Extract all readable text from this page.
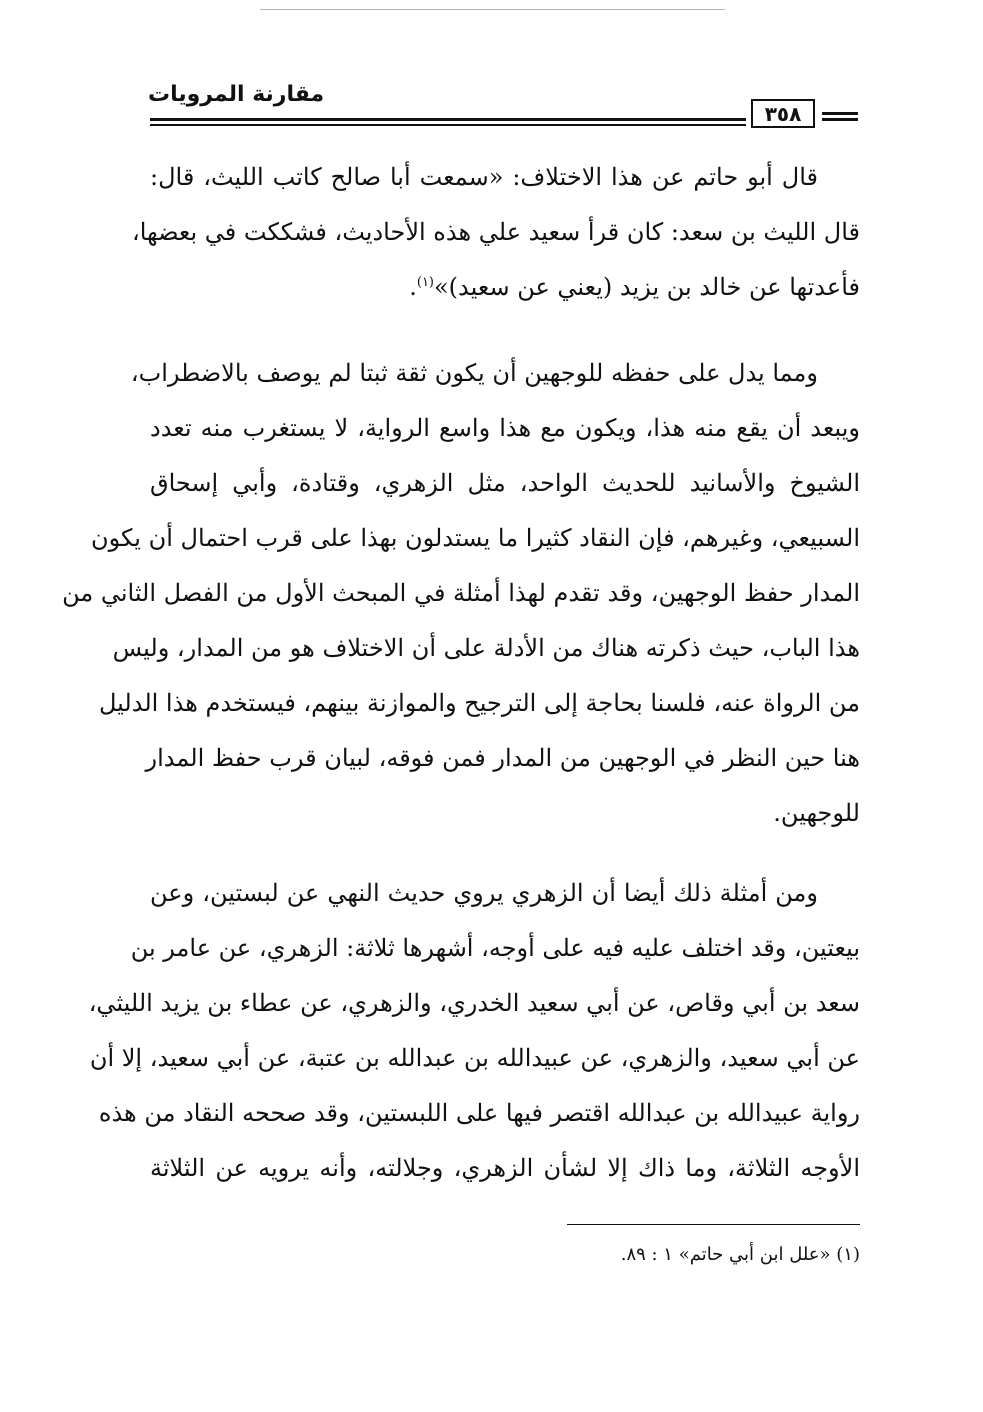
مقارنة المرويات
٣٥٨
قال أبو حاتم عن هذا الاختلاف: «سمعت أبا صالح كاتب الليث، قال:
قال الليث بن سعد: كان قرأ سعيد علي هذه الأحاديث، فشككت في بعضها،
فأعدتها عن خالد بن يزيد (يعني عن سعيد)»$^{(١)}$.
ومما يدل على حفظه للوجهين أن يكون ثقة ثبتا لم يوصف بالاضطراب،
ويبعد أن يقع منه هذا، ويكون مع هذا واسع الرواية، لا يستغرب منه تعدد
الشيوخ والأسانيد للحديث الواحد، مثل الزهري، وقتادة، وأبي إسحاق
السبيعي، وغيرهم، فإن النقاد كثيرا ما يستدلون بهذا على قرب احتمال أن يكون
المدار حفظ الوجهين، وقد تقدم لهذا أمثلة في المبحث الأول من الفصل الثاني من
هذا الباب، حيث ذكرته هناك من الأدلة على أن الاختلاف هو من المدار، وليس
من الرواة عنه، فلسنا بحاجة إلى الترجيح والموازنة بينهم، فيستخدم هذا الدليل
هنا حين النظر في الوجهين من المدار فمن فوقه، لبيان قرب حفظ المدار
للوجهين.
ومن أمثلة ذلك أيضا أن الزهري يروي حديث النهي عن لبستين، وعن
بيعتين، وقد اختلف عليه فيه على أوجه، أشهرها ثلاثة: الزهري، عن عامر بن
سعد بن أبي وقاص، عن أبي سعيد الخدري، والزهري، عن عطاء بن يزيد الليثي،
عن أبي سعيد، والزهري، عن عبيدالله بن عبدالله بن عتبة، عن أبي سعيد، إلا أن
رواية عبيدالله بن عبدالله اقتصر فيها على اللبستين، وقد صححه النقاد من هذه
الأوجه الثلاثة، وما ذاك إلا لشأن الزهري، وجلالته، وأنه يرويه عن الثلاثة
(١) «علل ابن أبي حاتم» ١ : ٨٩.
